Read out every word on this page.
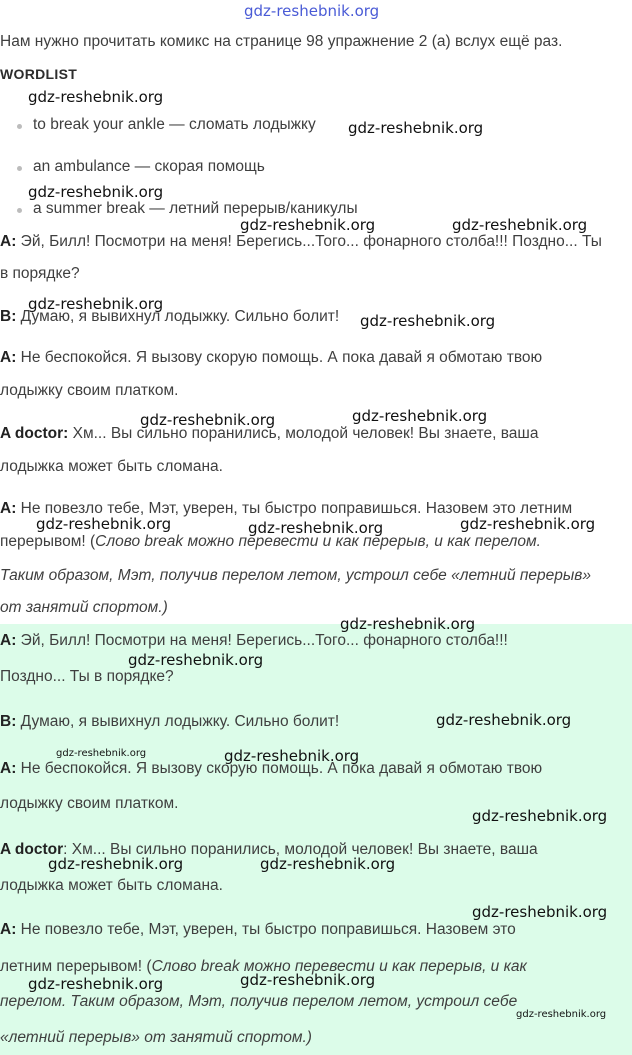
gdz-reshebnik.org
Нам нужно прочитать комикс на странице 98 упражнение 2 (а) вслух ещё раз.
WORDLIST
to break your ankle — сломать лодыжку
an ambulance — скорая помощь
a summer break — летний перерыв/каникулы
A: Эй, Билл! Посмотри на меня! Берегись...Того... фонарного столба!!! Поздно... Ты
в порядке?
B: Думаю, я вывихнул лодыжку. Сильно болит!
A: Не беспокойся. Я вызову скорую помощь. А пока давай я обмотаю твою
лодыжку своим платком.
A doctor: Хм... Вы сильно поранились, молодой человек! Вы знаете, ваша
лодыжка может быть сломана.
A: Не повезло тебе, Мэт, уверен, ты быстро поправишься. Назовем это летним
перерывом! (Слово break можно перевести и как перерыв, и как перелом.
Таким образом, Мэт, получив перелом летом, устроил себе «летний перерыв»
от занятий спортом.)
A: Эй, Билл! Посмотри на меня! Берегись...Того... фонарного столба!!!
Поздно... Ты в порядке?
B: Думаю, я вывихнул лодыжку. Сильно болит!
A: Не беспокойся. Я вызову скорую помощь. А пока давай я обмотаю твою
лодыжку своим платком.
A doctor: Хм... Вы сильно поранились, молодой человек! Вы знаете, ваша
лодыжка может быть сломана.
A: Не повезло тебе, Мэт, уверен, ты быстро поправишься. Назовем это
летним перерывом! (Слово break можно перевести и как перерыв, и как
перелом. Таким образом, Мэт, получив перелом летом, устроил себе
«летний перерыв» от занятий спортом.)
gdz-reshebnik.org
gdz-reshebnik.org
gdz-reshebnik.org
gdz-reshebnik.org	gdz-reshebnik.org
gdz-reshebnik.org
gdz-reshebnik.org
gdz-reshebnik.org	gdz-reshebnik.org
gdz-reshebnik.org	gdz-reshebnik.org	gdz-reshebnik.org
gdz-reshebnik.org
gdz-reshebnik.org
gdz-reshebnik.org
gdz-reshebnik.org	gdz-reshebnik.org
gdz-reshebnik.org
gdz-reshebnik.org	gdz-reshebnik.org
gdz-reshebnik.org
gdz-reshebnik.org	gdz-reshebnik.org
gdz-reshebnik.org
